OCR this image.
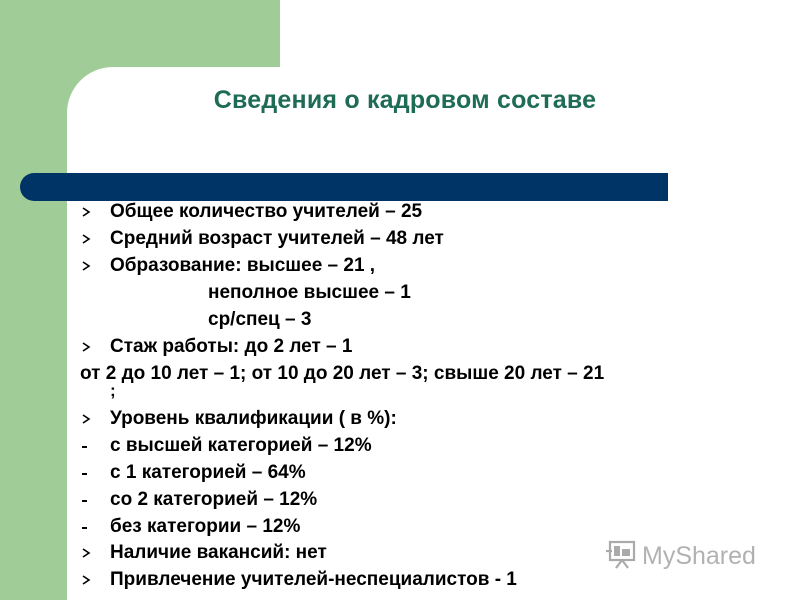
Сведения о кадровом составе
Общее количество учителей – 25
Средний возраст учителей – 48 лет
Образование: высшее – 21 ,
неполное высшее – 1
ср/спец – 3
Стаж работы: до 2 лет – 1
от 2 до 10 лет – 1; от 10 до 20 лет – 3; свыше 20 лет – 21
;
Уровень квалификации ( в %):
с высшей категорией – 12%
с 1 категорией – 64%
со 2 категорией – 12%
без категории – 12%
Наличие вакансий: нет
Привлечение учителей-неспециалистов - 1
MyShared
